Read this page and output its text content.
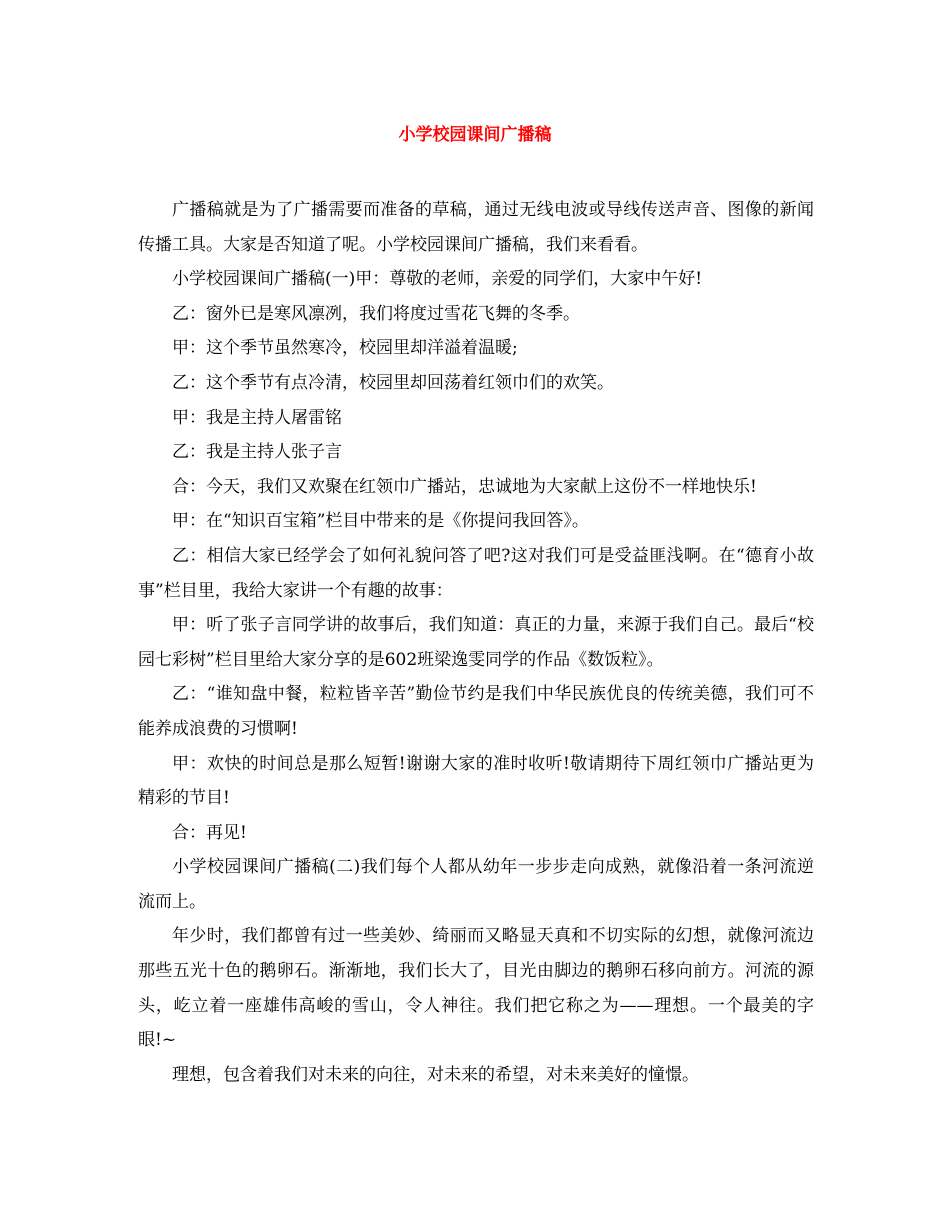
小学校园课间广播稿

广播稿就是为了广播需要而准备的草稿，通过无线电波或导线传送声音、图像的新闻传播工具。大家是否知道了呢。小学校园课间广播稿，我们来看看。

小学校园课间广播稿(一)甲：尊敬的老师，亲爱的同学们，大家中午好!

乙：窗外已是寒风凛冽，我们将度过雪花飞舞的冬季。

甲：这个季节虽然寒冷，校园里却洋溢着温暖;

乙：这个季节有点冷清，校园里却回荡着红领巾们的欢笑。

甲：我是主持人屠雷铭

乙：我是主持人张子言

合：今天，我们又欢聚在红领巾广播站，忠诚地为大家献上这份不一样地快乐!

甲：在“知识百宝箱”栏目中带来的是《你提问我回答》。

乙：相信大家已经学会了如何礼貌问答了吧?这对我们可是受益匪浅啊。在“德育小故事”栏目里，我给大家讲一个有趣的故事：

甲：听了张子言同学讲的故事后，我们知道：真正的力量，来源于我们自己。最后“校园七彩树”栏目里给大家分享的是602班梁逸雯同学的作品《数饭粒》。

乙：“谁知盘中餐，粒粒皆辛苦”勤俭节约是我们中华民族优良的传统美德，我们可不能养成浪费的习惯啊!

甲：欢快的时间总是那么短暂!谢谢大家的准时收听!敬请期待下周红领巾广播站更为精彩的节目!

合：再见!

小学校园课间广播稿(二)我们每个人都从幼年一步步走向成熟，就像沿着一条河流逆流而上。

年少时，我们都曾有过一些美妙、绮丽而又略显天真和不切实际的幻想，就像河流边那些五光十色的鹅卵石。渐渐地，我们长大了，目光由脚边的鹅卵石移向前方。河流的源头，屹立着一座雄伟高峻的雪山，令人神往。我们把它称之为——理想。一个最美的字眼!~

理想，包含着我们对未来的向往，对未来的希望，对未来美好的憧憬。
